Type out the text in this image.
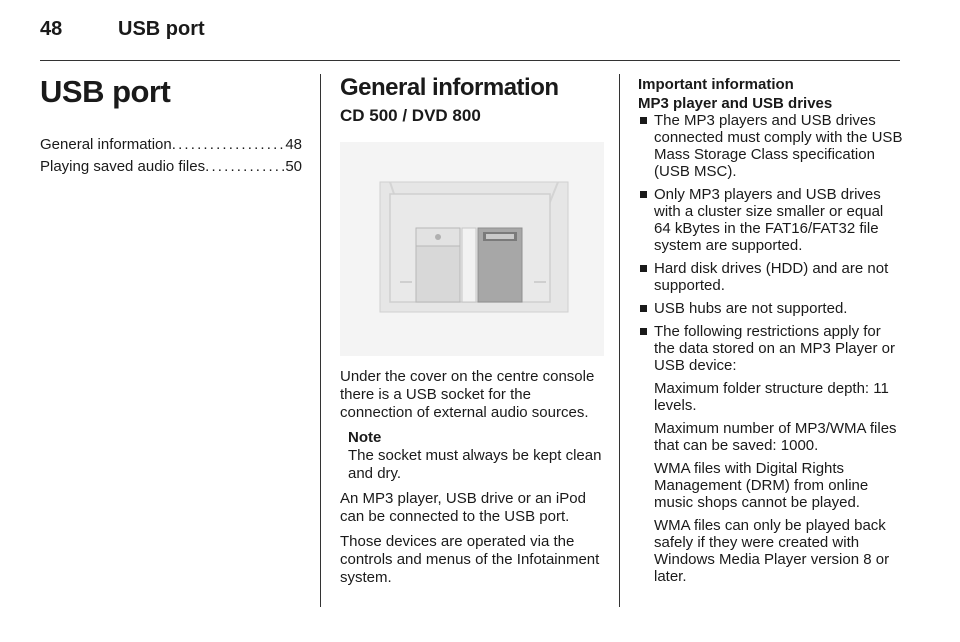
48	USB port
USB port
General information . . .	48
Playing saved audio files . . .	50
General information
CD 500 / DVD 800

Under the cover on the centre console there is a USB socket for the connection of external audio sources.

Note
The socket must always be kept clean and dry.

An MP3 player, USB drive or an iPod can be connected to the USB port.

Those devices are operated via the controls and menus of the Infotainment system.

Important information
MP3 player and USB drives
The MP3 players and USB drives connected must comply with the USB Mass Storage Class specification (USB MSC).
Only MP3 players and USB drives with a cluster size smaller or equal 64 kBytes in the FAT16/FAT32 file system are supported.
Hard disk drives (HDD) and are not supported.
USB hubs are not supported.
The following restrictions apply for the data stored on an MP3 Player or USB device:
Maximum folder structure depth: 11 levels.
Maximum number of MP3/WMA files that can be saved: 1000.
WMA files with Digital Rights Management (DRM) from online music shops cannot be played.
WMA files can only be played back safely if they were created with Windows Media Player version 8 or later.
